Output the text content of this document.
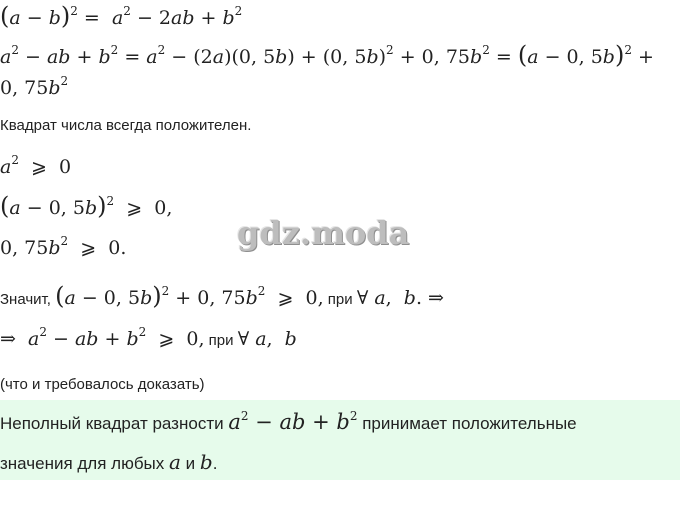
$(a - b)^2 = a^2 - 2ab + b^2$
$a^2$ − ab + $b^2 = a^2 - (2a)(0$, 5b) + (0, 5b)$^2$ + 0, $75b^2 = (a - 0$, 5b)$^2$ +
0, $75b^2$
Квадрат числа всегда положителен.
$a^2$  ⩾  0
(a − 0, 5b)$^2$  ⩾  0,
0, $75b^2$  ⩾  0.	gdz.moda
Значит, (a − 0, 5b)$^2$ + 0, $75b^2$  ⩾  0, при ∀ a,  b. ⇒
⇒  $a^2$ − ab + $b^2$  ⩾  0, при ∀ a,  b
(что и требовалось доказать)
Неполный квадрат разности $a^2$ − ab + $b^2$ принимает положительные
значения для любых a и b.
